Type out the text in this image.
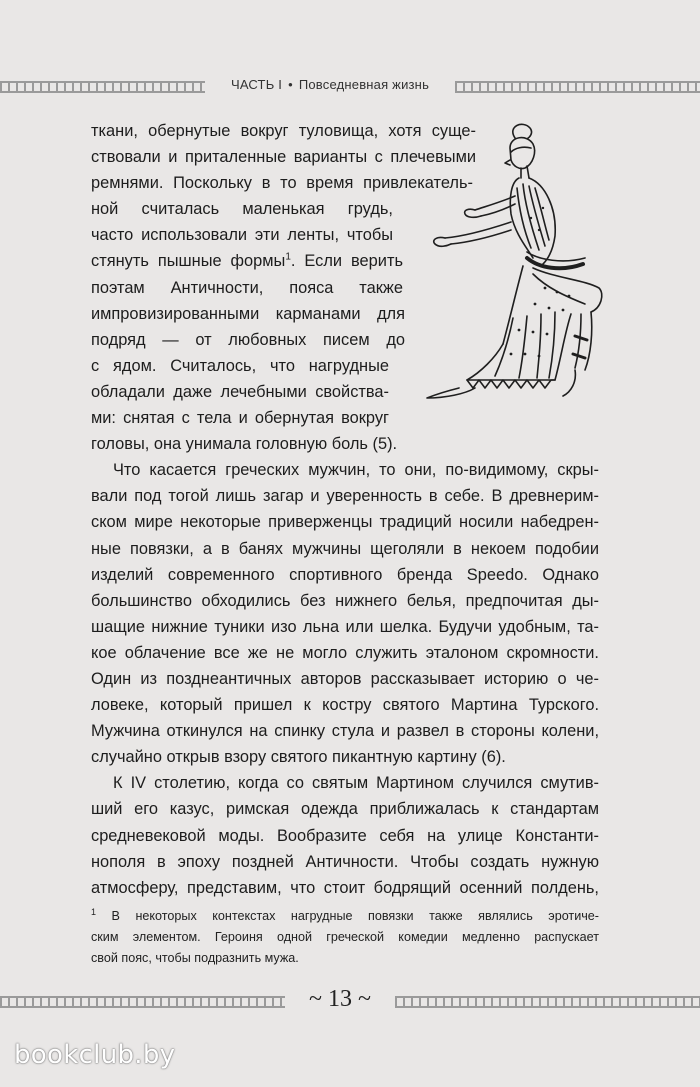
ЧАСТЬ I • Повседневная жизнь
ткани, обернутые вокруг туловища, хотя суще-
ствовали и приталенные варианты с плечевыми
ремнями. Поскольку в то время привлекатель-
ной считалась маленькая грудь,
часто использовали эти ленты, чтобы
стянуть пышные формы$^1$. Если верить
поэтам Античности, пояса также
импровизированными карманами для
подряд — от любовных писем до
с ядом. Считалось, что нагрудные
обладали даже лечебными свойства-
ми: снятая с тела и обернутая вокруг
головы, она унимала головную боль (5).
Что касается греческих мужчин, то они, по-видимому, скры-
вали под тогой лишь загар и уверенность в себе. В древнерим-
ском мире некоторые приверженцы традиций носили набедрен-
ные повязки, а в банях мужчины щеголяли в некоем подобии
изделий современного спортивного бренда Speedo. Однако
большинство обходились без нижнего белья, предпочитая ды-
шащие нижние туники изо льна или шелка. Будучи удобным, та-
кое облачение все же не могло служить эталоном скромности.
Один из позднеантичных авторов рассказывает историю о че-
ловеке, который пришел к костру святого Мартина Турского.
Мужчина откинулся на спинку стула и развел в стороны колени,
случайно открыв взору святого пикантную картину (6).
К IV столетию, когда со святым Мартином случился смутив-
ший его казус, римская одежда приближалась к стандартам
средневековой моды. Вообразите себя на улице Константи-
нополя в эпоху поздней Античности. Чтобы создать нужную
атмосферу, представим, что стоит бодрящий осенний полдень,
$^1$ В некоторых контекстах нагрудные повязки также являлись эротиче-
ским элементом. Героиня одной греческой комедии медленно распускает
свой пояс, чтобы подразнить мужа.
~ 13 ~
bookclub.by
